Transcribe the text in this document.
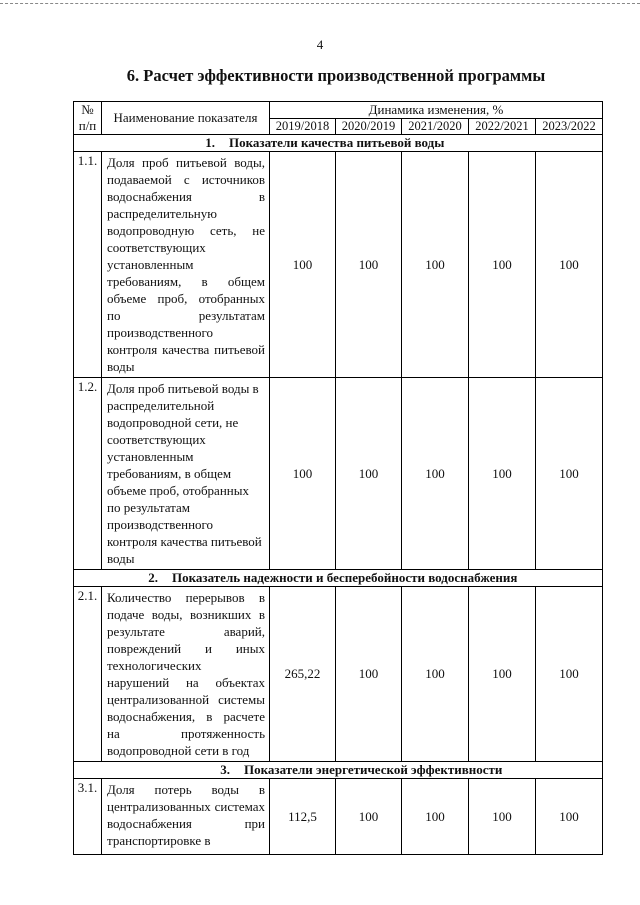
4
6. Расчет эффективности производственной программы
№ п/п	Наименование показателя	Динамика изменения, %				
		2019/2018	2020/2019	2021/2020	2022/2021	2023/2022
1. Показатели качества питьевой воды						
1.1.	Доля проб питьевой воды, подаваемой с источников водоснабжения в распределительную водопроводную сеть, не соответствующих установленным требованиям, в общем объеме проб, отобранных по результатам производственного контроля качества питьевой воды	100	100	100	100	100
1.2.	Доля проб питьевой воды в распределительной водопроводной сети, не соответствующих установленным требованиям, в общем объеме проб, отобранных по результатам производственного контроля качества питьевой воды	100	100	100	100	100
2. Показатель надежности и бесперебойности водоснабжения						
2.1.	Количество перерывов в подаче воды, возникших в результате аварий, повреждений и иных технологических нарушений на объектах централизованной системы водоснабжения, в расчете на протяженность водопроводной сети в год	265,22	100	100	100	100
3. Показатели энергетической эффективности						
3.1.	Доля потерь воды в централизованных системах водоснабжения при транспортировке в	112,5	100	100	100	100
